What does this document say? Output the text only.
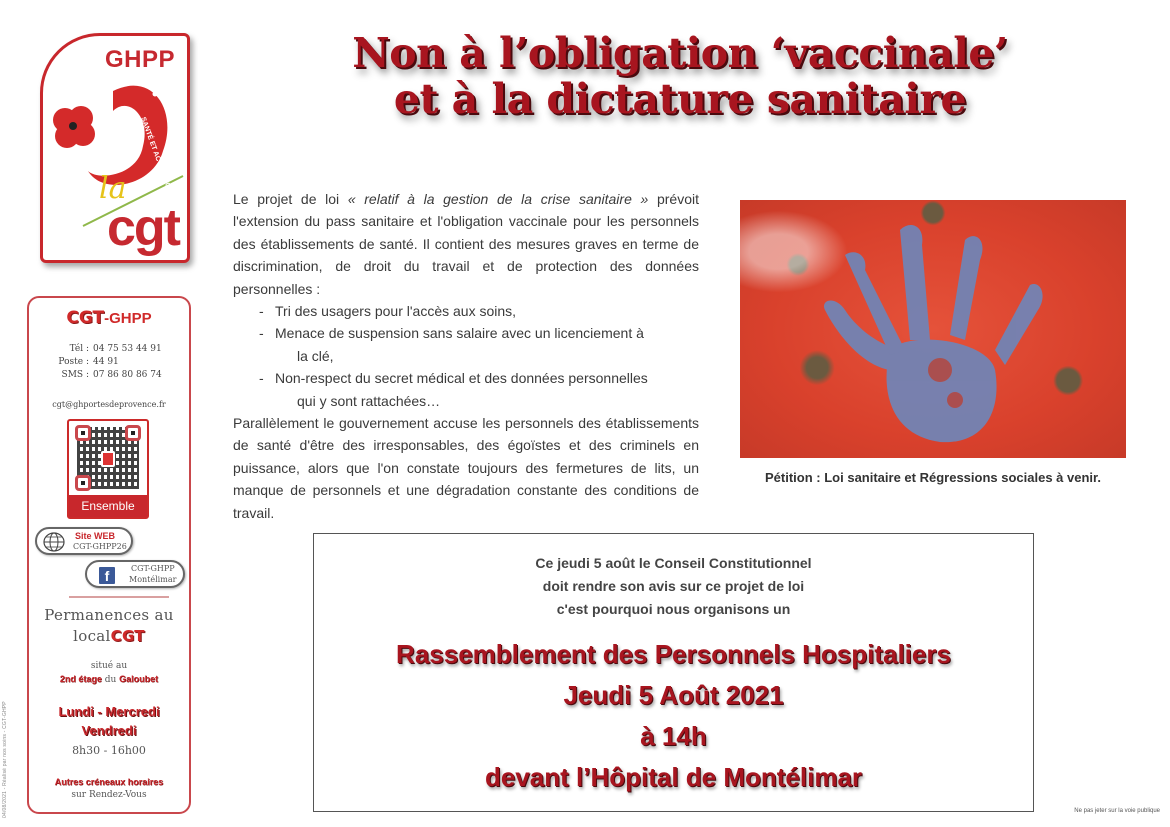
04/08/2021 - Réalisé par nos soins - CGT-GHPP
SANTÉ ET ACTION SOCIALE
GHPP
la
cgt
CGT-GHPP
Tél : 04 75 53 44 91
Poste : 44 91
SMS : 07 86 80 86 74
cgt@ghportesdeprovence.fr
Ensemble
Site WEB
CGT-GHPP26
f	CGT-GHPP
Montélimar
Permanences au
localCGT
situé au
2nd étage du Galoubet
Lundi - Mercredi
Vendredi
8h30 - 16h00
Autres créneaux horaires
sur Rendez-Vous
Non à l’obligation ‘vaccinale’
et à la dictature sanitaire

Le projet de loi « relatif à la gestion de la crise sanitaire » prévoit l'extension du pass sanitaire et l'obligation vaccinale pour les personnels des établissements de santé. Il contient des mesures graves en terme de discrimination, de droit du travail et de protection des données personnelles :

- Tri des usagers pour l'accès aux soins,
- Menace de suspension sans salaire avec un licenciement à
la clé,
- Non-respect du secret médical et des données personnelles
qui y sont rattachées…

Parallèlement le gouvernement accuse les personnels des établissements de santé d'être des irresponsables, des égoïstes et des criminels en puissance, alors que l'on constate toujours des fermetures de lits, un manque de personnels et une dégradation constante des conditions de travail.

Pétition : Loi sanitaire et Régressions sociales à venir.
Ce jeudi 5 août le Conseil Constitutionnel
doit rendre son avis sur ce projet de loi
c'est pourquoi nous organisons un
Rassemblement des Personnels Hospitaliers
Jeudi 5 Août 2021
à 14h
devant l’Hôpital de Montélimar
Ne pas jeter sur la voie publique
